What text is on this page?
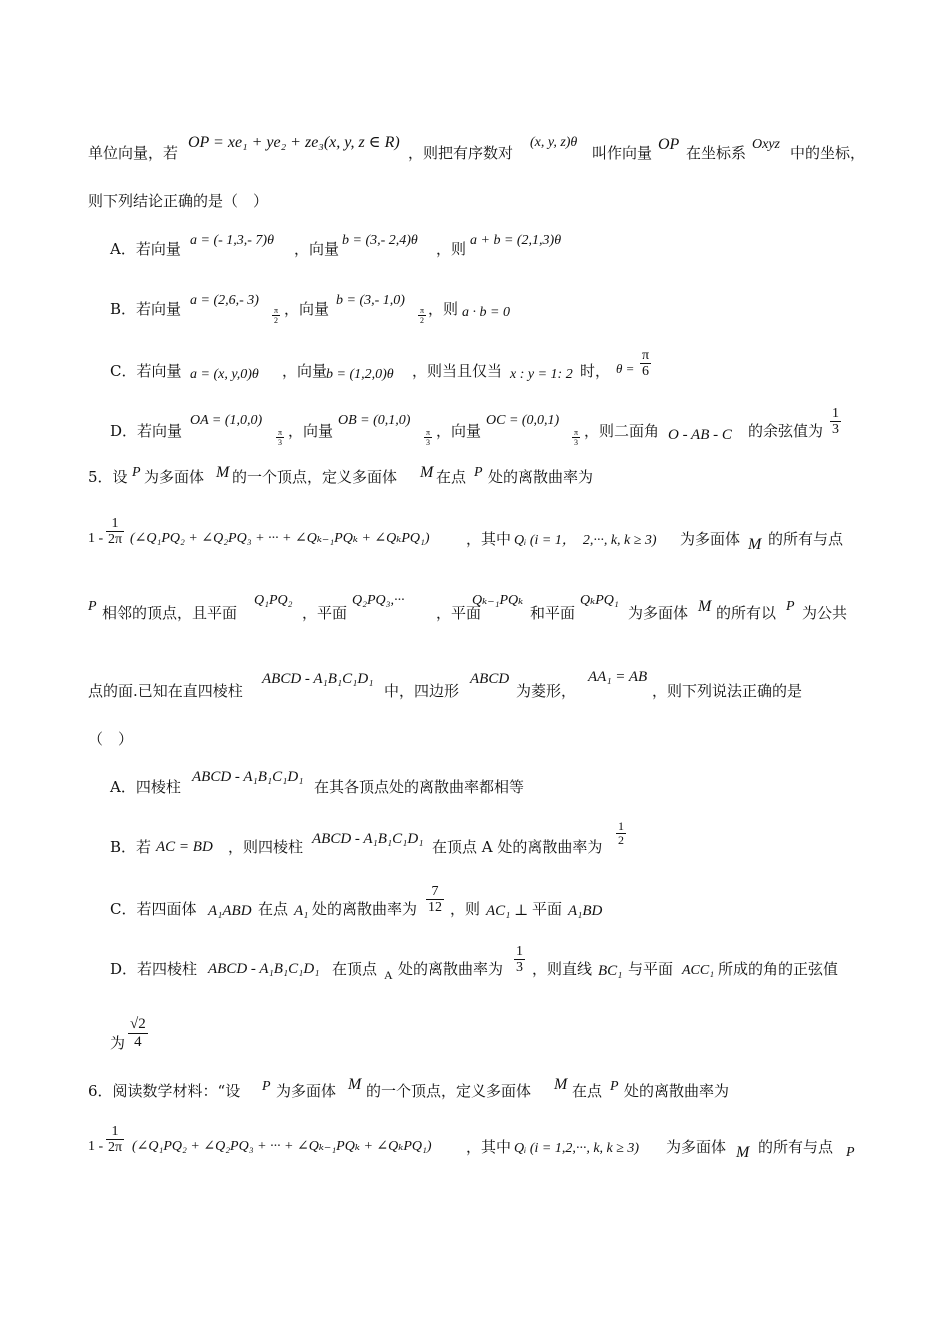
单位向量，若
OP = xe₁ + ye₂ + ze₃(x, y, z ∈ R)
，则把有序数对
(x, y, z)θ
叫作向量 OP 在坐标系 Oxyz 中的坐标，
则下列结论正确的是（　）
A．若向量 a = (- 1,3,- 7)θ ，向量 b = (3,- 2,4)θ ，则 a + b = (2,1,3)θ
B．若向量 a = (2,6,- 3)
$\frac{\pi}{2}$ ，向量 b = (3,- 1,0)
$\frac{\pi}{2}$ ，则 a · b = 0
C．若向量 a = (x, y,0)θ ，向量
b = (1,2,0)θ ，则当且仅当 x : y = 1: 2 时， $\theta = \frac{\pi}{6}$
D．若向量
OA = (1,0,0)
$\frac{\pi}{3}$ ，向量
OB = (0,1,0)
$\frac{\pi}{3}$ ，向量
OC = (0,0,1)
$\frac{\pi}{3}$ ，则二面角 O - AB - C 的余弦值为 $\frac{1}{3}$
5．设 P 为多面体 M 的一个顶点，定义多面体 M 在点 P 处的离散曲率为
$1 - \frac{1}{2\pi}$ (∠Q₁PQ₂ + ∠Q₂PQ₃ + ··· + ∠Qₖ₋₁PQₖ + ∠QₖPQ₁) ，其中 Qᵢ (i = 1，　2,···, k, k ≥ 3) 为多面体 M 的所有与点
P 相邻的顶点，且平面
Q₁PQ₂
，平面
Q₂PQ₃,···
，平面
Qₖ₋₁PQₖ
和平面
QₖPQ₁
为多面体 M 的所有以 P 为公共
点的面.已知在直四棱柱
ABCD - A₁B₁C₁D₁
中，四边形
ABCD
为菱形，
AA₁ = AB
，则下列说法正确的是
（　）
A．四棱柱
ABCD - A₁B₁C₁D₁
在其各顶点处的离散曲率都相等
B．若 AC = BD ，则四棱柱 ABCD - A₁B₁C₁D₁ 在顶点 A 处的离散曲率为 $\frac{1}{2}$
C．若四面体 A₁ABD 在点 A₁ 处的离散曲率为 $\frac{7}{12}$ ，则 AC₁ ⊥ 平面 A₁BD
D．若四棱柱 ABCD - A₁B₁C₁D₁ 在顶点 A 处的离散曲率为 $\frac{1}{3}$ ，则直线 BC₁ 与平面 ACC₁ 所成的角的正弦值
为 $\frac{√2}{4}$
6．阅读数学材料：“设 P 为多面体 M 的一个顶点，定义多面体 M 在点 P 处的离散曲率为
$1 - \frac{1}{2\pi}$ (∠Q₁PQ₂ + ∠Q₂PQ₃ + ··· + ∠Qₖ₋₁PQₖ + ∠QₖPQ₁) ，其中 Qᵢ (i = 1,2,···, k, k ≥ 3) 为多面体 M 的所有与点 P
